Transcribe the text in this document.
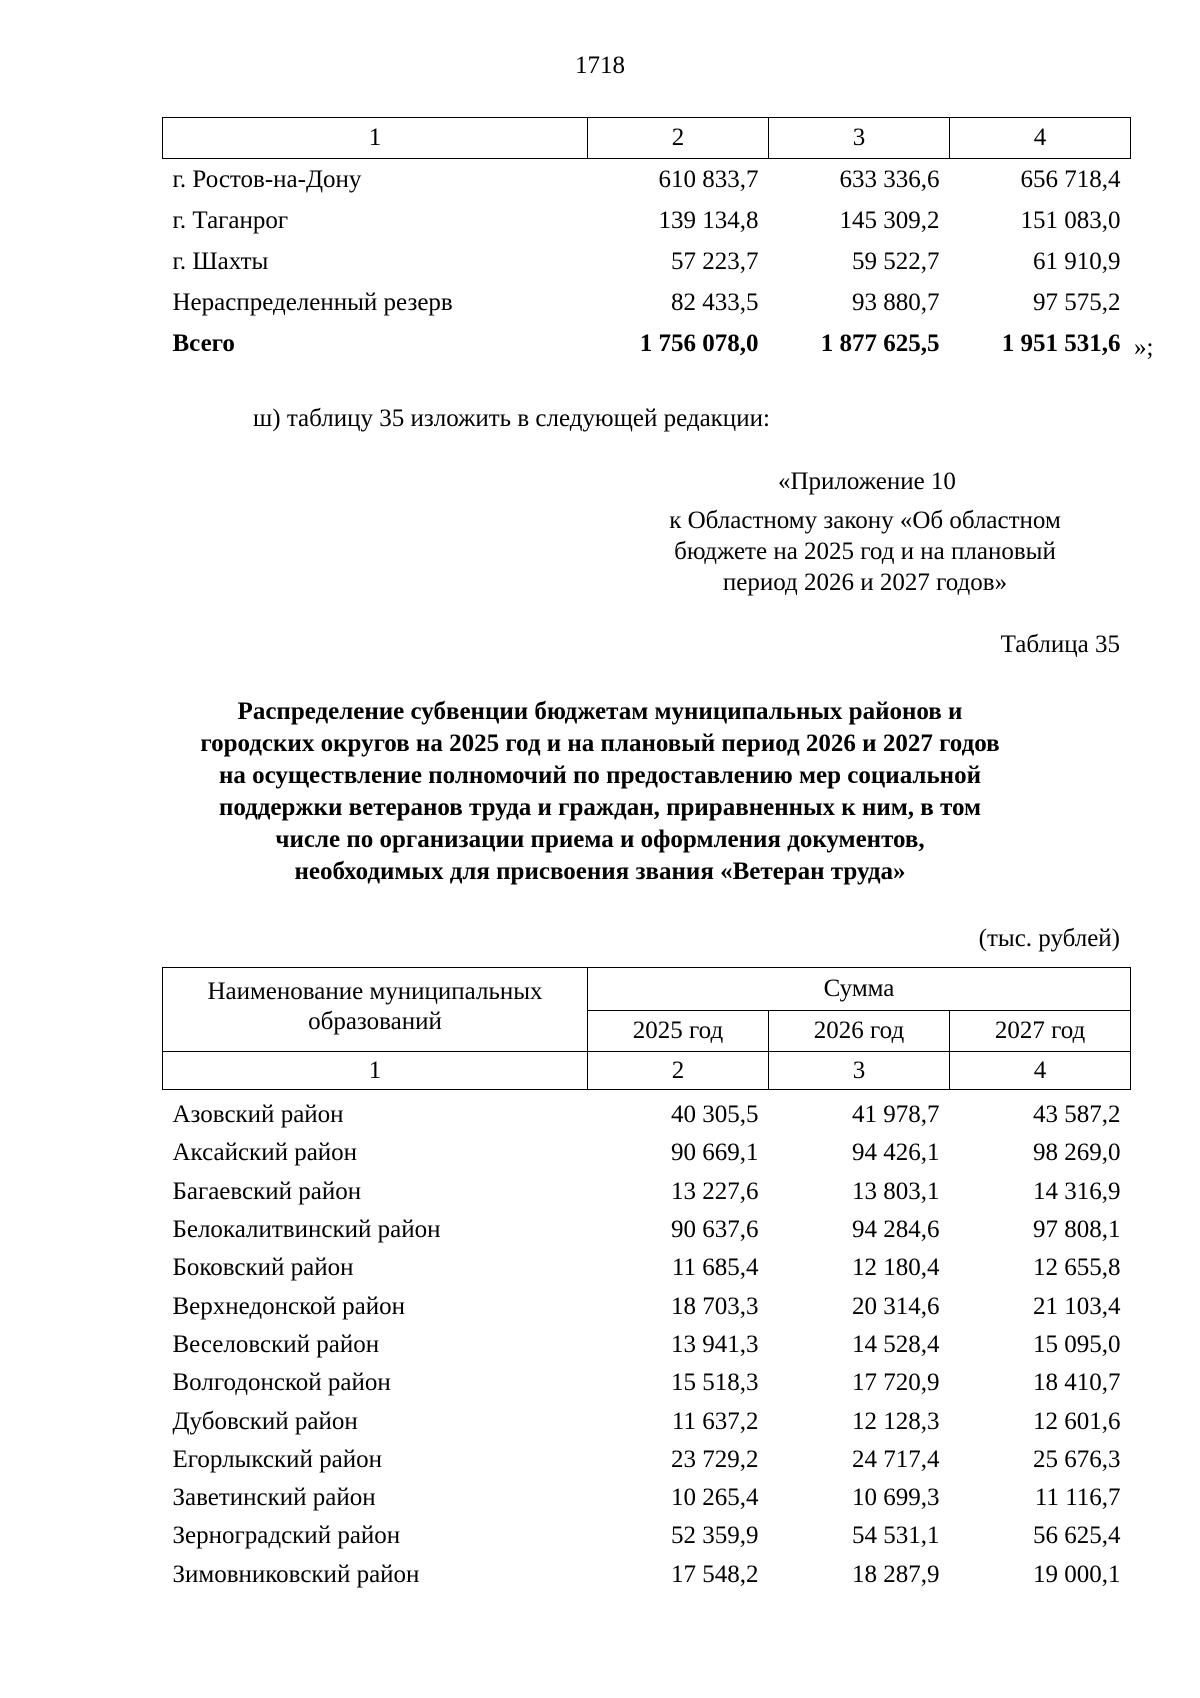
1718
1	2	3	4
г. Ростов-на-Дону	610 833,7	633 336,6	656 718,4
г. Таганрог	139 134,8	145 309,2	151 083,0
г. Шахты	57 223,7	59 522,7	61 910,9
Нераспределенный резерв	82 433,5	93 880,7	97 575,2
Всего	1 756 078,0	1 877 625,5	1 951 531,6 »;
ш) таблицу 35 изложить в следующей редакции:
«Приложение 10
к Областному закону «Об областном
бюджете на 2025 год и на плановый
период 2026 и 2027 годов»
Таблица 35
Распределение субвенции бюджетам муниципальных районов и
городских округов на 2025 год и на плановый период 2026 и 2027 годов
на осуществление полномочий по предоставлению мер социальной
поддержки ветеранов труда и граждан, приравненных к ним, в том
числе по организации приема и оформления документов,
необходимых для присвоения звания «Ветеран труда»
(тыс. рублей)
Наименование муниципальных образований	Сумма		
	2025 год	2026 год	2027 год
1	2	3	4
Азовский район	40 305,5	41 978,7	43 587,2
Аксайский район	90 669,1	94 426,1	98 269,0
Багаевский район	13 227,6	13 803,1	14 316,9
Белокалитвинский район	90 637,6	94 284,6	97 808,1
Боковский район	11 685,4	12 180,4	12 655,8
Верхнедонской район	18 703,3	20 314,6	21 103,4
Веселовский район	13 941,3	14 528,4	15 095,0
Волгодонской район	15 518,3	17 720,9	18 410,7
Дубовский район	11 637,2	12 128,3	12 601,6
Егорлыкский район	23 729,2	24 717,4	25 676,3
Заветинский район	10 265,4	10 699,3	11 116,7
Зерноградский район	52 359,9	54 531,1	56 625,4
Зимовниковский район	17 548,2	18 287,9	19 000,1
